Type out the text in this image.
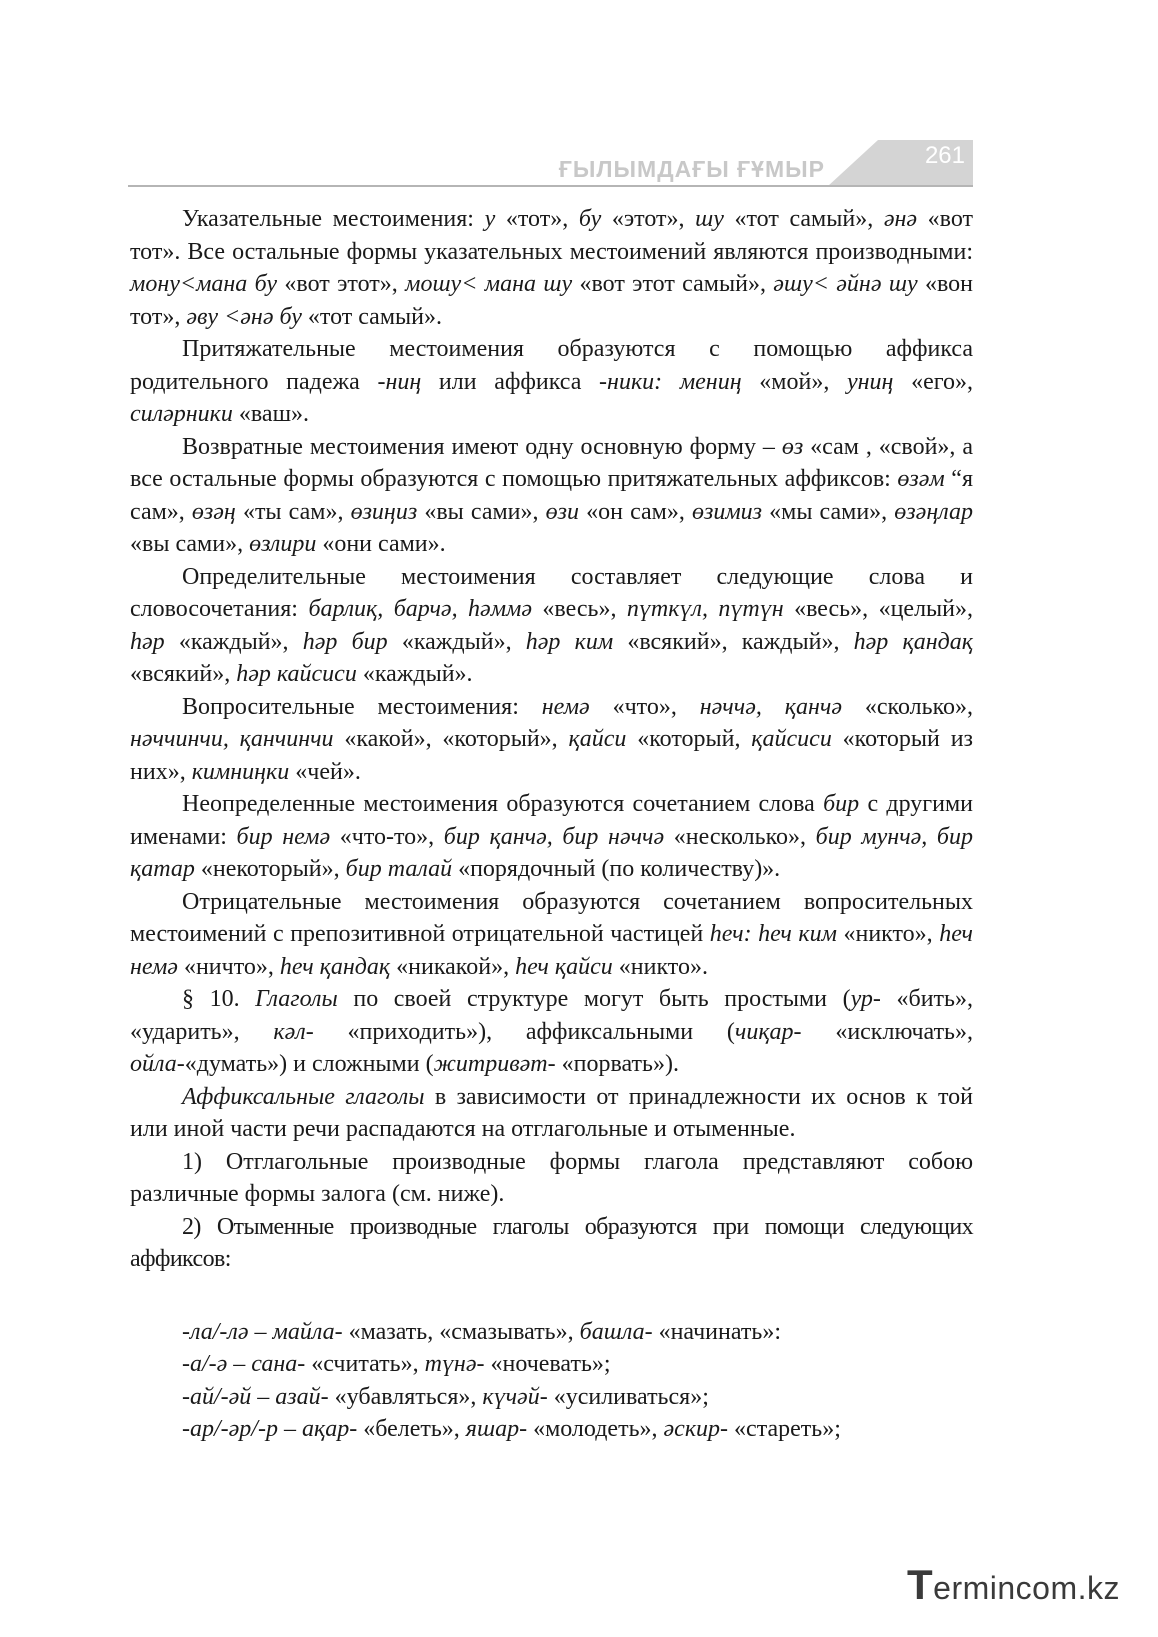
ҒЫЛЫМДАҒЫ ҒҰМЫР	261

Указательные местоимения: у «тот», бу «этот», шу «тот самый», әнә «вот тот». Все остальные формы указательных местоимений являются производными: мону<мана бу «вот этот», мошу< мана шу «вот этот самый», әшу< әйнә шу «вон тот», әву <әнә бу «тот самый».

Притяжательные местоимения образуются с помощью аффикса родительного падежа -ниң или аффикса -ники: мениң «мой», униң «его», силәрники «ваш».

Возвратные местоимения имеют одну основную форму – өз «сам , «свой», а все остальные формы образуются с помощью притяжательных аффиксов: өзәм “я сам», өзәң «ты сам», өзиңиз «вы сами», өзи «он сам», өзимиз «мы сами», өзәңлар «вы сами», өзлири «они сами».

Определительные местоимения составляет следующие слова и словосочетания: барлиқ, барчә, һәммә «весь», пүткүл, пүтүн «весь», «целый», һәр «каждый», һәр бир «каждый», һәр ким «всякий», каждый», һәр қандақ «всякий», һәр кайсиси «каждый».

Вопросительные местоимения: немә «что», нәччә, қанчә «сколько», нәччинчи, қанчинчи «какой», «который», қайси «который, қайсиси «который из них», кимниңки «чей».

Неопределенные местоимения образуются сочетанием слова бир с другими именами: бир немә «что-то», бир қанчә, бир нәччә «несколько», бир мунчә, бир қатар «некоторый», бир талай «порядочный (по количеству)».

Отрицательные местоимения образуются сочетанием вопросительных местоимений с препозитивной отрицательной частицей һеч: һеч ким «никто», һеч немә «ничто», һеч қандақ «никакой», һеч қайси «никто».

§ 10. Глаголы по своей структуре могут быть простыми (ур- «бить», «ударить», кәл- «приходить»), аффиксальными (чиқар- «исключать», ойла-«думать») и сложными (житривәт- «порвать»).

Аффиксальные глаголы в зависимости от принадлежности их основ к той или иной части речи распадаются на отглагольные и отыменные.

1) Отглагольные производные формы глагола представляют собою различные формы залога (см. ниже).

2) Отыменные производные глаголы образуются при помощи следующих аффиксов:

-ла/-лә – майла- «мазать, «смазывать», башла- «начинать»:

-а/-ә – сана- «считать», түнә- «ночевать»;

-ай/-әй – азай- «убавляться», күчәй- «усиливаться»;

-ар/-әр/-р – ақар- «белеть», яшар- «молодеть», әскир- «стареть»;

Termincom.kz
